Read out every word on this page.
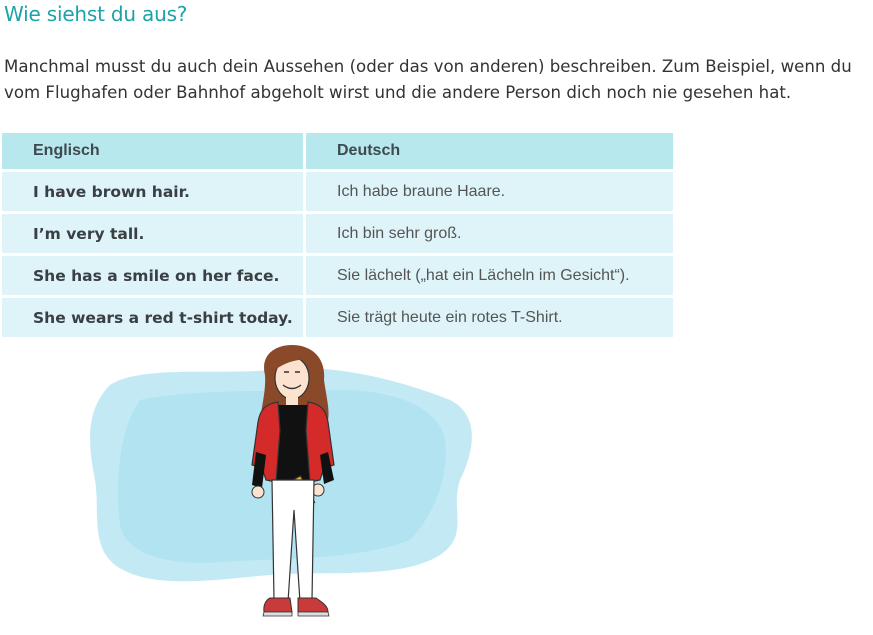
Wie siehst du aus?

Manchmal musst du auch dein Aussehen (oder das von anderen) beschreiben. Zum Beispiel, wenn du vom Flughafen oder Bahnhof abgeholt wirst und die andere Person dich noch nie gesehen hat.

Englisch	Deutsch
I have brown hair.	Ich habe braune Haare.
I’m very tall.	Ich bin sehr groß.
She has a smile on her face.	Sie lächelt („hat ein Lächeln im Gesicht“).
She wears a red t-shirt today.	Sie trägt heute ein rotes T-Shirt.
